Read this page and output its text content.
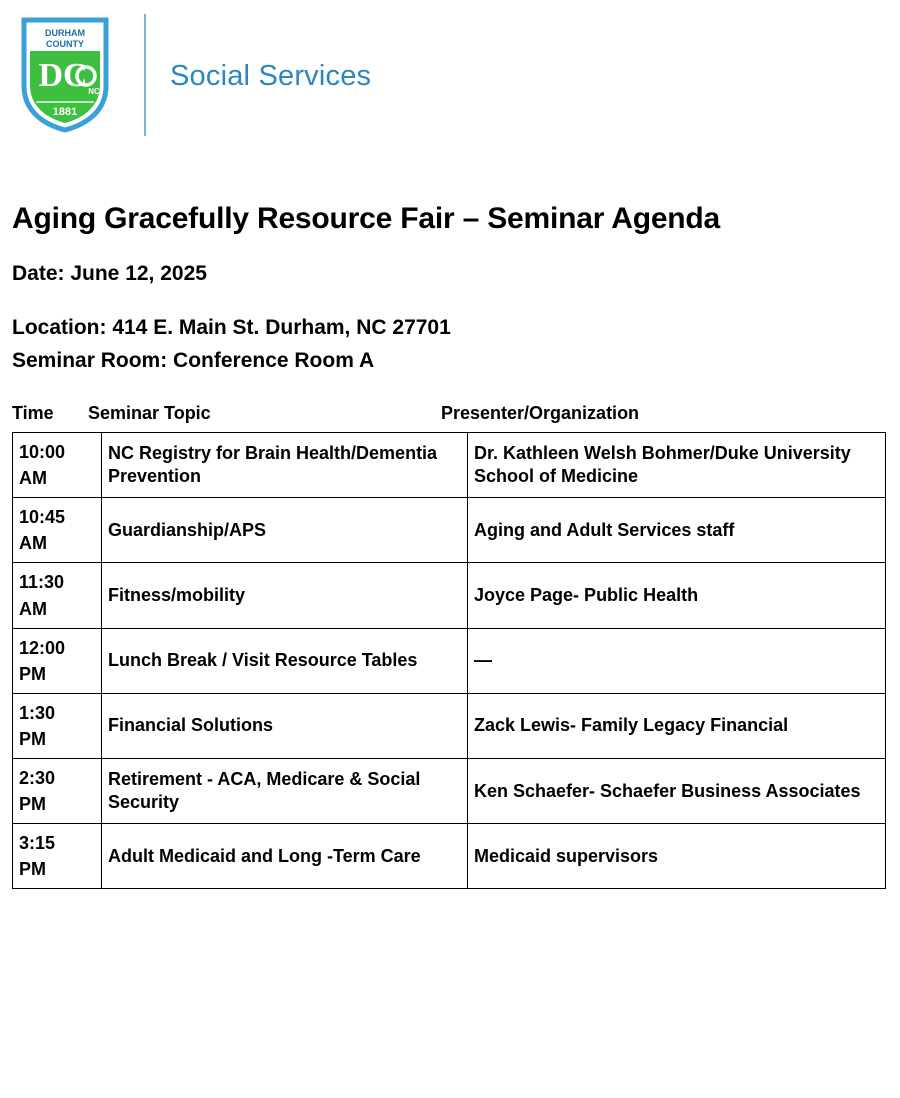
DURHAM
COUNTY
DC NC
1881
Social Services
Aging Gracefully Resource Fair – Seminar Agenda
Date: June 12, 2025
Location: 414 E. Main St. Durham, NC 27701
Seminar Room: Conference Room A
Time	Seminar Topic	Presenter/Organization
10:00
AM	NC Registry for Brain Health/Dementia Prevention	Dr. Kathleen Welsh Bohmer/Duke University School of Medicine

10:45
AM	Guardianship/APS	Aging and Adult Services staff

11:30
AM	Fitness/mobility	Joyce Page- Public Health

12:00
PM	Lunch Break / Visit Resource Tables	—

1:30
PM	Financial Solutions	Zack Lewis- Family Legacy Financial

2:30
PM	Retirement - ACA, Medicare & Social Security	Ken Schaefer- Schaefer Business Associates

3:15
PM	Adult Medicaid and Long -Term Care	Medicaid supervisors
